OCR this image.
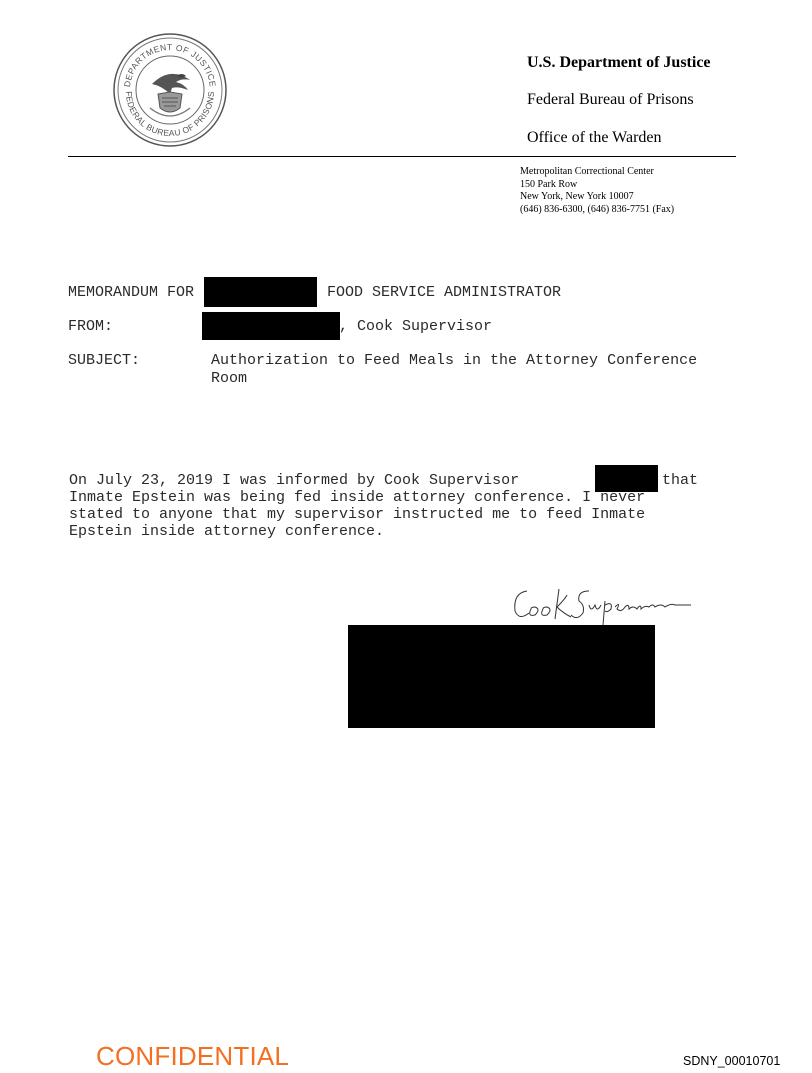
DEPARTMENT OF JUSTICE
FEDERAL BUREAU OF PRISONS
U.S. Department of Justice
Federal Bureau of Prisons
Office of the Warden
Metropolitan Correctional Center
150 Park Row
New York, New York 10007
(646) 836-6300, (646) 836-7751 (Fax)
MEMORANDUM FOR	FOOD SERVICE ADMINISTRATOR
FROM:	, Cook Supervisor
SUBJECT:	Authorization to Feed Meals in the Attorney Conference
Room
On July 23, 2019 I was informed by Cook Supervisor	that
Inmate Epstein was being fed inside attorney conference. I never
stated to anyone that my supervisor instructed me to feed Inmate
Epstein inside attorney conference.
Cook Supervisor
CONFIDENTIAL	SDNY_00010701
